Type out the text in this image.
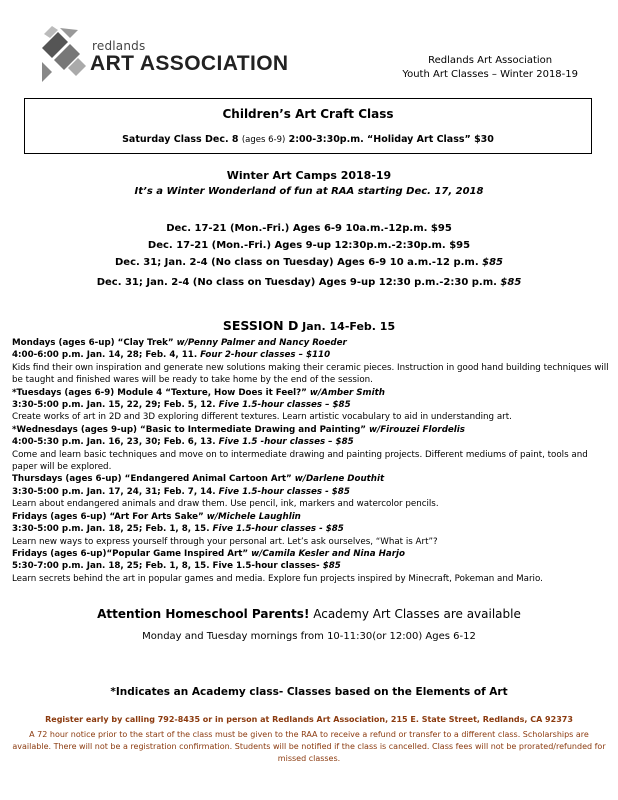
redlands
ART ASSOCIATION	Redlands Art Association
Youth Art Classes – Winter 2018-19
Children’s Art Craft Class
Saturday Class Dec. 8 (ages 6-9) 2:00-3:30p.m. “Holiday Art Class” $30
Winter Art Camps 2018-19
It’s a Winter Wonderland of fun at RAA starting Dec. 17, 2018
Dec. 17-21 (Mon.-Fri.) Ages 6-9 10a.m.-12p.m. $95
Dec. 17-21 (Mon.-Fri.) Ages 9-up 12:30p.m.-2:30p.m. $95
Dec. 31; Jan. 2-4 (No class on Tuesday) Ages 6-9 10 a.m.-12 p.m. $85
Dec. 31; Jan. 2-4 (No class on Tuesday) Ages 9-up 12:30 p.m.-2:30 p.m. $85
SESSION D Jan. 14-Feb. 15
Mondays (ages 6-up) “Clay Trek” w/Penny Palmer and Nancy Roeder
4:00-6:00 p.m. Jan. 14, 28; Feb. 4, 11. Four 2-hour classes – $110
Kids find their own inspiration and generate new solutions making their ceramic pieces. Instruction in good hand building techniques will be taught and finished wares will be ready to take home by the end of the session.
*Tuesdays (ages 6-9) Module 4 “Texture, How Does it Feel?” w/Amber Smith
3:30-5:00 p.m. Jan. 15, 22, 29; Feb. 5, 12. Five 1.5-hour classes – $85
Create works of art in 2D and 3D exploring different textures. Learn artistic vocabulary to aid in understanding art.
*Wednesdays (ages 9-up) “Basic to Intermediate Drawing and Painting” w/Firouzei Flordelis
4:00-5:30 p.m. Jan. 16, 23, 30; Feb. 6, 13. Five 1.5 -hour classes – $85
Come and learn basic techniques and move on to intermediate drawing and painting projects. Different mediums of paint, tools and paper will be explored.
Thursdays (ages 6-up) “Endangered Animal Cartoon Art” w/Darlene Douthit
3:30-5:00 p.m. Jan. 17, 24, 31; Feb. 7, 14. Five 1.5-hour classes - $85
Learn about endangered animals and draw them. Use pencil, ink, markers and watercolor pencils.
Fridays (ages 6-up) “Art For Arts Sake” w/Michele Laughlin
3:30-5:00 p.m. Jan. 18, 25; Feb. 1, 8, 15. Five 1.5-hour classes - $85
Learn new ways to express yourself through your personal art. Let’s ask ourselves, “What is Art”?
Fridays (ages 6-up)“Popular Game Inspired Art” w/Camila Kesler and Nina Harjo
5:30-7:00 p.m. Jan. 18, 25; Feb. 1, 8, 15. Five 1.5-hour classes- $85
Learn secrets behind the art in popular games and media. Explore fun projects inspired by Minecraft, Pokeman and Mario.
Attention Homeschool Parents! Academy Art Classes are available
Monday and Tuesday mornings from 10-11:30(or 12:00) Ages 6-12
*Indicates an Academy class- Classes based on the Elements of Art
Register early by calling 792-8435 or in person at Redlands Art Association, 215 E. State Street, Redlands, CA 92373
A 72 hour notice prior to the start of the class must be given to the RAA to receive a refund or transfer to a different class. Scholarships are available. There will not be a registration confirmation. Students will be notified if the class is cancelled. Class fees will not be prorated/refunded for missed classes.
